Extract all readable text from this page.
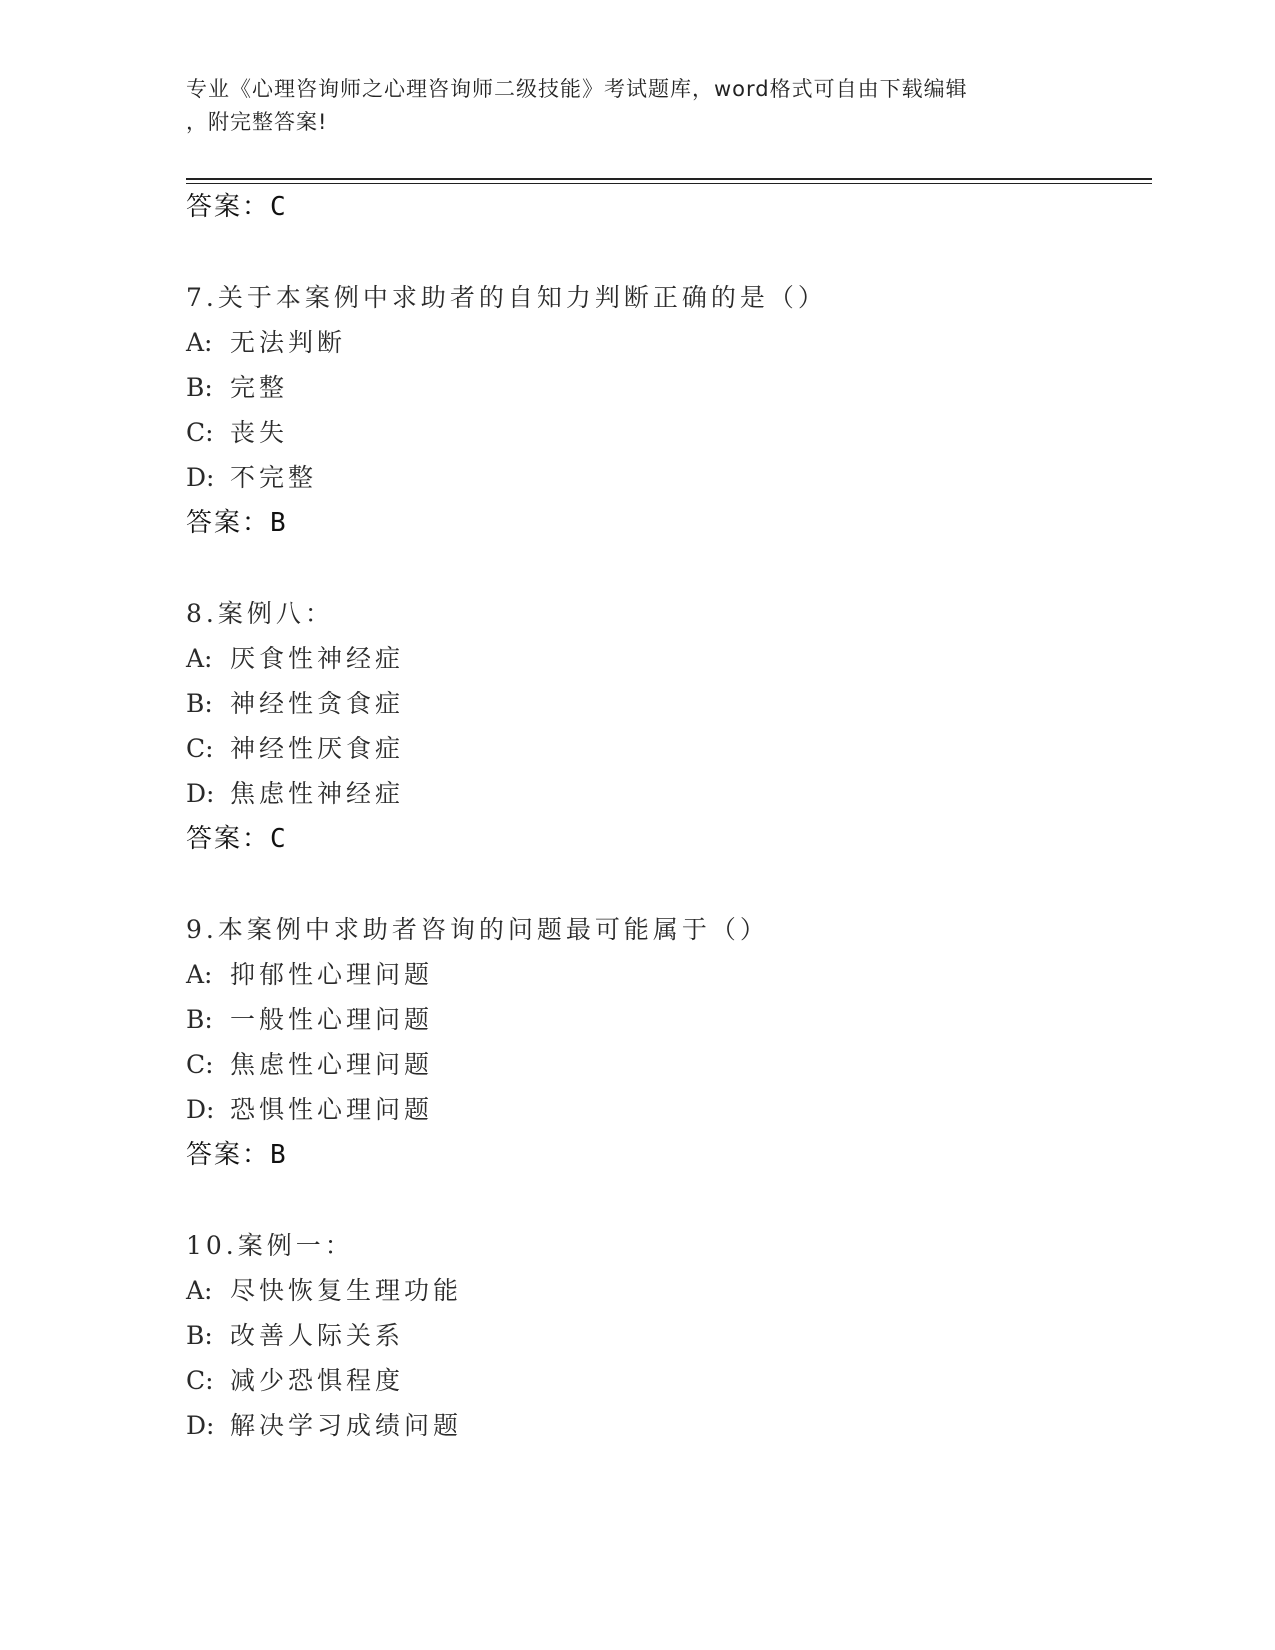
专业《心理咨询师之心理咨询师二级技能》考试题库，word格式可自由下载编辑
，附完整答案!
答案：C
7.关于本案例中求助者的自知力判断正确的是（）
A: 无法判断
B: 完整
C: 丧失
D: 不完整
答案：B
8.案例八：
A: 厌食性神经症
B: 神经性贪食症
C: 神经性厌食症
D: 焦虑性神经症
答案：C
9.本案例中求助者咨询的问题最可能属于（）
A: 抑郁性心理问题
B: 一般性心理问题
C: 焦虑性心理问题
D: 恐惧性心理问题
答案：B
10.案例一：
A: 尽快恢复生理功能
B: 改善人际关系
C: 减少恐惧程度
D: 解决学习成绩问题
